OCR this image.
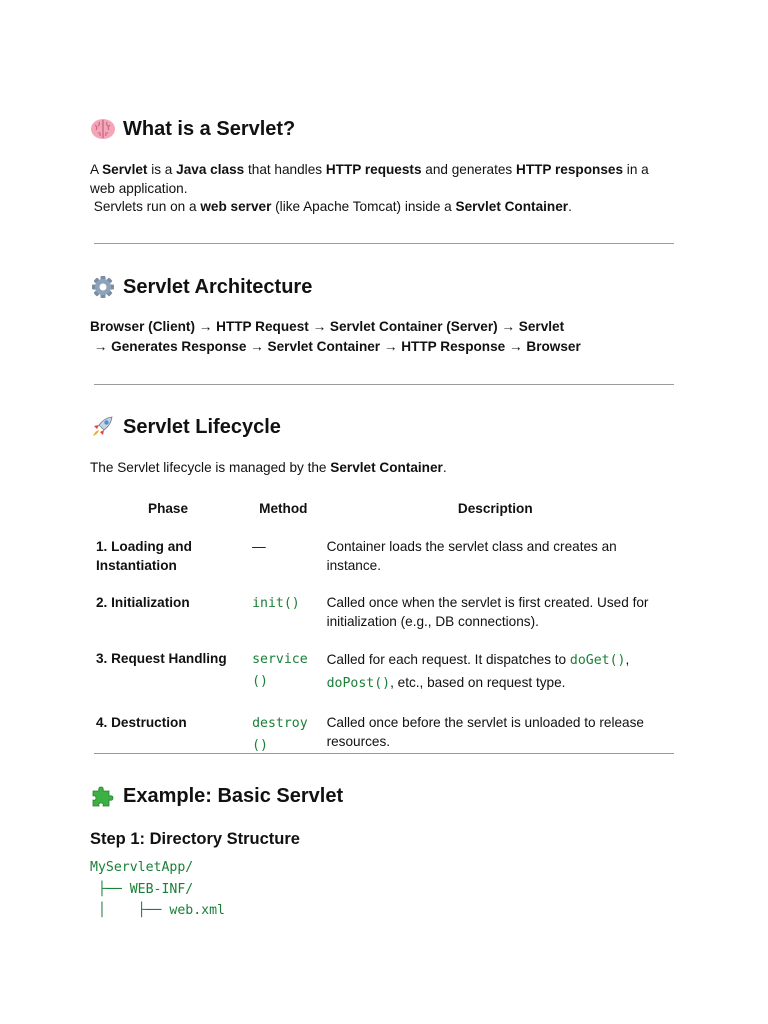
What is a Servlet?
A Servlet is a Java class that handles HTTP requests and generates HTTP responses in a web application.
Servlets run on a web server (like Apache Tomcat) inside a Servlet Container.
Servlet Architecture
Browser (Client) → HTTP Request → Servlet Container (Server) → Servlet
→ Generates Response → Servlet Container → HTTP Response → Browser
Servlet Lifecycle
The Servlet lifecycle is managed by the Servlet Container.
Phase	Method	Description
1. Loading and Instantiation	—	Container loads the servlet class and creates an instance.
2. Initialization	init()	Called once when the servlet is first created. Used for initialization (e.g., DB connections).
3. Request Handling	service()	Called for each request. It dispatches to doGet(), doPost(), etc., based on request type.
4. Destruction	destroy()	Called once before the servlet is unloaded to release resources.
Example: Basic Servlet
Step 1: Directory Structure
MyServletApp/
├── WEB-INF/
│    ├── web.xml
